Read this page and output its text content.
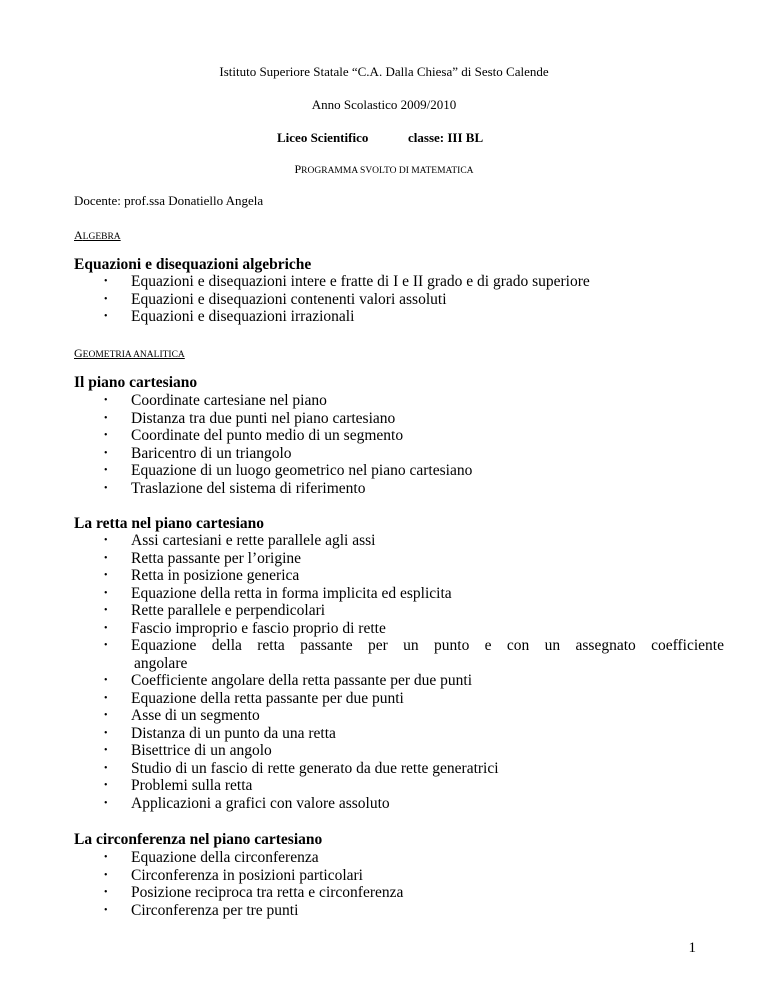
Istituto Superiore Statale “C.A. Dalla Chiesa” di Sesto Calende
Anno Scolastico 2009/2010
Liceo Scientifico	classe: III BL
PROGRAMMA SVOLTO DI MATEMATICA
Docente: prof.ssa Donatiello Angela
ALGEBRA
Equazioni e disequazioni algebriche
• Equazioni e disequazioni intere e fratte di I e II grado e di grado superiore
• Equazioni e disequazioni contenenti valori assoluti
• Equazioni e disequazioni irrazionali
GEOMETRIA ANALITICA
Il piano cartesiano
• Coordinate cartesiane nel piano
• Distanza tra due punti nel piano cartesiano
• Coordinate del punto medio di un segmento
• Baricentro di un triangolo
• Equazione di un luogo geometrico nel piano cartesiano
• Traslazione del sistema di riferimento
La retta nel piano cartesiano
• Assi cartesiani e rette parallele agli assi
• Retta passante per l’origine
• Retta in posizione generica
• Equazione della retta in forma implicita ed esplicita
• Rette parallele e perpendicolari
• Fascio improprio e fascio proprio di rette
• Equazione della retta passante per un punto e con un assegnato coefficiente
angolare
• Coefficiente angolare della retta passante per due punti
• Equazione della retta passante per due punti
• Asse di un segmento
• Distanza di un punto da una retta
• Bisettrice di un angolo
• Studio di un fascio di rette generato da due rette generatrici
• Problemi sulla retta
• Applicazioni a grafici con valore assoluto
La circonferenza nel piano cartesiano
• Equazione della circonferenza
• Circonferenza in posizioni particolari
• Posizione reciproca tra retta e circonferenza
• Circonferenza per tre punti
1
